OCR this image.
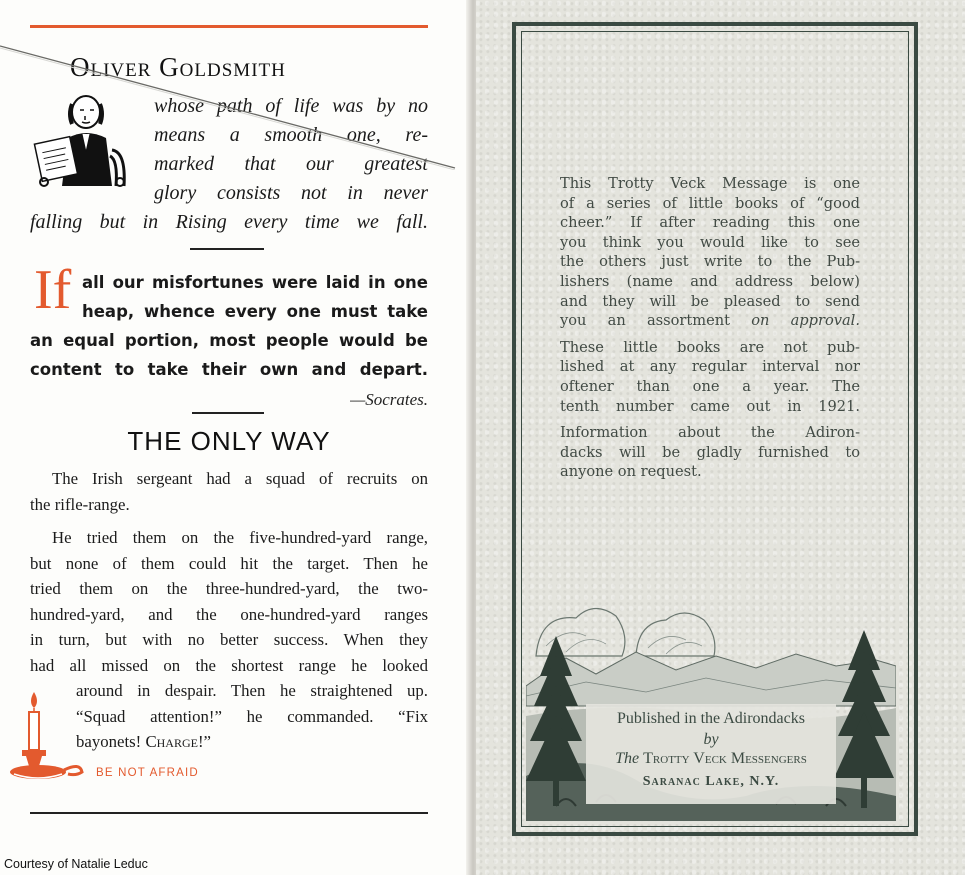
Oliver Goldsmith
whose path of life was by no
means a smooth one, re-
marked that our greatest
glory consists not in never
falling but in Rising every time we fall.
If all our misfortunes were laid in one
heap, whence every one must take
an equal portion, most people would be
content to take their own and depart.
—Socrates.
THE ONLY WAY
The Irish sergeant had a squad of recruits on
the rifle-range.
He tried them on the five-hundred-yard range,
but none of them could hit the target. Then he
tried them on the three-hundred-yard, the two-
hundred-yard, and the one-hundred-yard ranges
in turn, but with no better success. When they
had all missed on the shortest range he looked
around in despair. Then he straightened up.
“Squad attention!” he commanded. “Fix
bayonets! Charge!”
BE NOT AFRAID
Courtesy of Natalie Leduc
This Trotty Veck Message is one
of a series of little books of “good
cheer.” If after reading this one
you think you would like to see
the others just write to the Pub-
lishers (name and address below)
and they will be pleased to send
you an assortment on approval.
These little books are not pub-
lished at any regular interval nor
oftener than one a year. The
tenth number came out in 1921.
Information about the Adiron-
dacks will be gladly furnished to
anyone on request.
Published in the Adirondacks
by
The Trotty Veck Messengers
Saranac Lake, N.Y.
